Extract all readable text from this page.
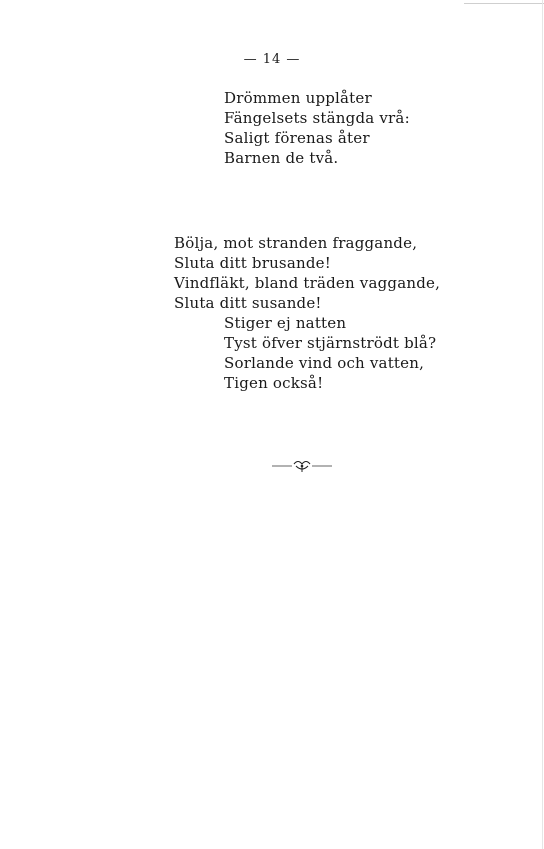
— 14 —
Drömmen upplåter
Fängelsets stängda vrå:
Saligt förenas åter
Barnen de två.
Bölja, mot stranden fraggande,
Sluta ditt brusande!
Vindfläkt, bland träden vaggande,
Sluta ditt susande!
Stiger ej natten
Tyst öfver stjärnströdt blå?
Sorlande vind och vatten,
Tigen också!
